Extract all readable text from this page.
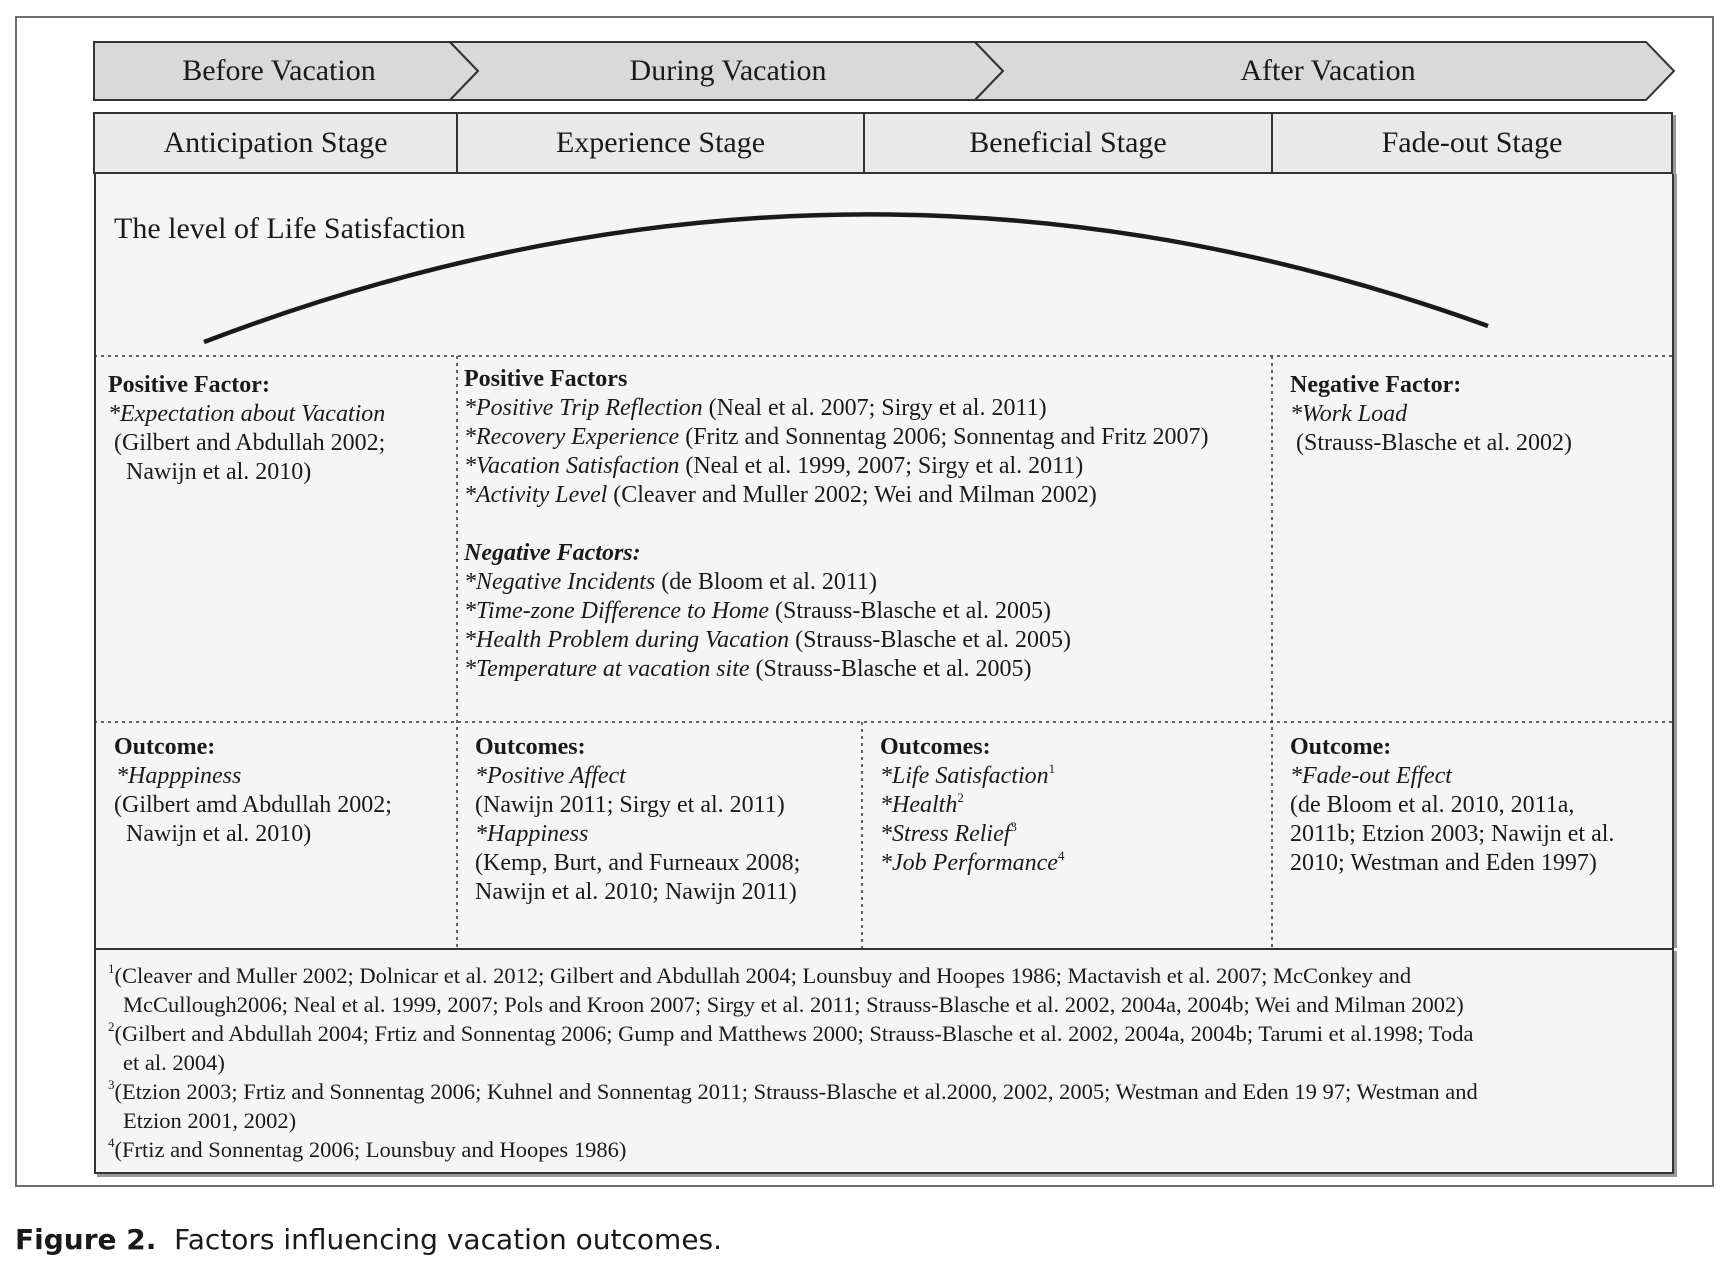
Before Vacation	During Vacation	After Vacation
Anticipation Stage	Experience Stage	Beneficial Stage	Fade-out Stage
The level of Life Satisfaction
Positive Factor:
*Expectation about Vacation
(Gilbert and Abdullah 2002;
Nawijn et al. 2010)
Positive Factors
*Positive Trip Reflection (Neal et al. 2007; Sirgy et al. 2011)
*Recovery Experience (Fritz and Sonnentag 2006; Sonnentag and Fritz 2007)
*Vacation Satisfaction (Neal et al. 1999, 2007; Sirgy et al. 2011)
*Activity Level (Cleaver and Muller 2002; Wei and Milman 2002)
Negative Factors:
*Negative Incidents (de Bloom et al. 2011)
*Time-zone Difference to Home (Strauss-Blasche et al. 2005)
*Health Problem during Vacation (Strauss-Blasche et al. 2005)
*Temperature at vacation site (Strauss-Blasche et al. 2005)
Negative Factor:
*Work Load
(Strauss-Blasche et al. 2002)
Outcome:
*Happpiness
(Gilbert amd Abdullah 2002;
Nawijn et al. 2010)
Outcomes:
*Positive Affect
(Nawijn 2011; Sirgy et al. 2011)
*Happiness
(Kemp, Burt, and Furneaux 2008;
Nawijn et al. 2010; Nawijn 2011)
Outcomes:
*Life Satisfaction$^1$
*Health$^2$
*Stress Relief$^3$
*Job Performance$^4$
Outcome:
*Fade-out Effect
(de Bloom et al. 2010, 2011a,
2011b; Etzion 2003; Nawijn et al.
2010; Westman and Eden 1997)
$^1$(Cleaver and Muller 2002; Dolnicar et al. 2012; Gilbert and Abdullah 2004; Lounsbuy and Hoopes 1986; Mactavish et al. 2007; McConkey and
McCullough2006; Neal et al. 1999, 2007; Pols and Kroon 2007; Sirgy et al. 2011; Strauss-Blasche et al. 2002, 2004a, 2004b; Wei and Milman 2002)
$^2$(Gilbert and Abdullah 2004; Frtiz and Sonnentag 2006; Gump and Matthews 2000; Strauss-Blasche et al. 2002, 2004a, 2004b; Tarumi et al.1998; Toda
et al. 2004)
$^3$(Etzion 2003; Frtiz and Sonnentag 2006; Kuhnel and Sonnentag 2011; Strauss-Blasche et al.2000, 2002, 2005; Westman and Eden 19 97; Westman and
Etzion 2001, 2002)
$^4$(Frtiz and Sonnentag 2006; Lounsbuy and Hoopes 1986)
Figure 2.  Factors influencing vacation outcomes.
